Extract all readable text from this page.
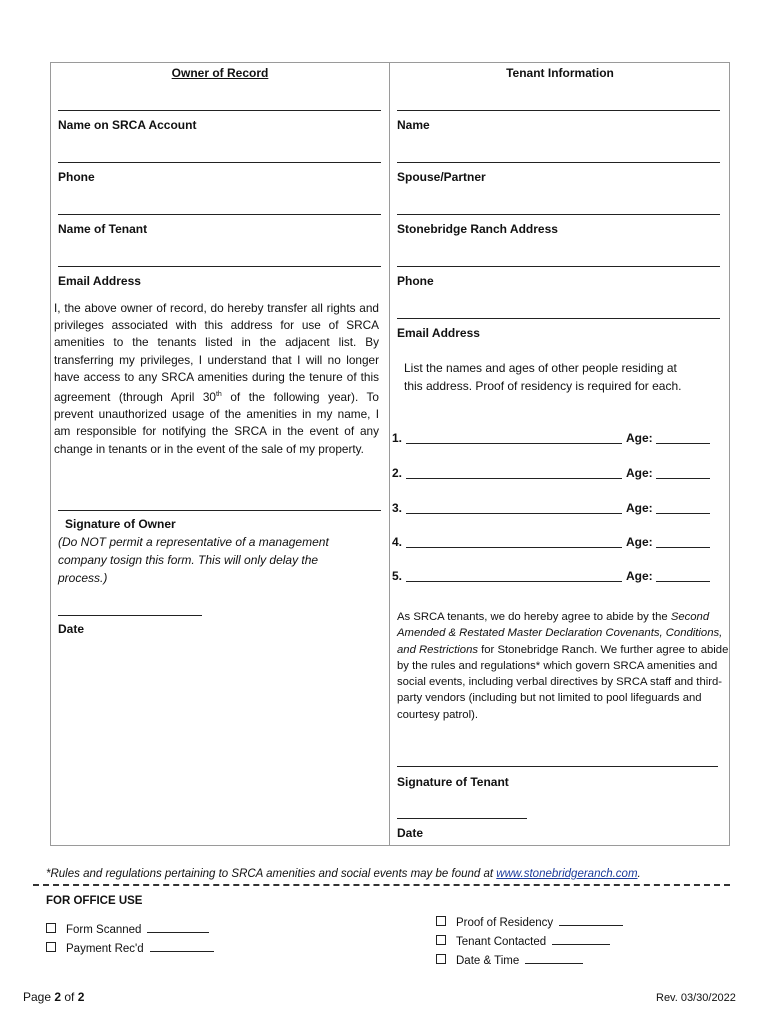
Owner of Record
Name on SRCA Account
Phone
Name of Tenant
Email Address
I, the above owner of record, do hereby transfer all rights and privileges associated with this address for use of SRCA amenities to the tenants listed in the adjacent list. By transferring my privileges, I understand that I will no longer have access to any SRCA amenities during the tenure of this agreement (through April 30th of the following year). To prevent unauthorized usage of the amenities in my name, I am responsible for notifying the SRCA in the event of any change in tenants or in the event of the sale of my property.
Signature of Owner
(Do NOT permit a representative of a management company tosign this form. This will only delay the process.)
Date
Tenant Information
Name
Spouse/Partner
Stonebridge Ranch Address
Phone
Email Address
List the names and ages of other people residing at this address. Proof of residency is required for each.
1.	Age:
2.	Age:
3.	Age:
4.	Age:
5.	Age:
As SRCA tenants, we do hereby agree to abide by the Second Amended & Restated Master Declaration Covenants, Conditions, and Restrictions for Stonebridge Ranch. We further agree to abide by the rules and regulations* which govern SRCA amenities and social events, including verbal directives by SRCA staff and third-party vendors (including but not limited to pool lifeguards and courtesy patrol).
Signature of Tenant
Date
*Rules and regulations pertaining to SRCA amenities and social events may be found at www.stonebridgeranch.com.
FOR OFFICE USE
Form Scanned
Payment Rec'd
Proof of Residency
Tenant Contacted
Date & Time
Page 2 of 2	Rev. 03/30/2022
